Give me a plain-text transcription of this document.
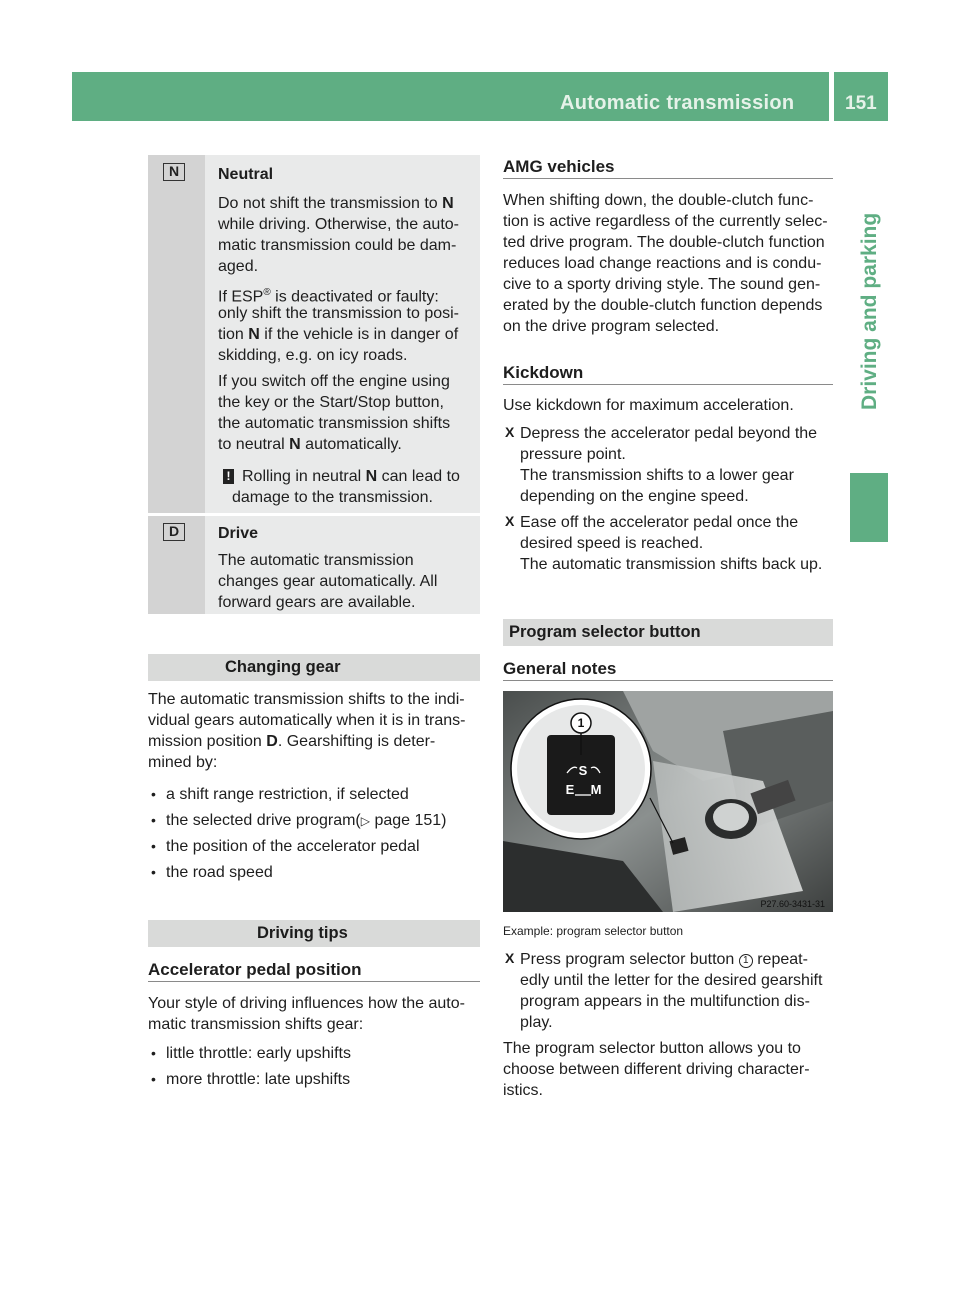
Automatic transmission	151
Driving and parking
N	Neutral
Do not shift the transmission to N
while driving. Otherwise, the auto-
matic transmission could be dam-
aged.
If ESP® is deactivated or faulty:
only shift the transmission to posi-
tion N if the vehicle is in danger of
skidding, e.g. on icy roads.
If you switch off the engine using
the key or the Start/Stop button,
the automatic transmission shifts
to neutral N automatically.
! Rolling in neutral N can lead to
damage to the transmission.
D	Drive
The automatic transmission
changes gear automatically. All
forward gears are available.
Changing gear
The automatic transmission shifts to the indi-
vidual gears automatically when it is in trans-
mission position D. Gearshifting is deter-
mined by:
• a shift range restriction, if selected
• the selected drive program(▷ page 151)
• the position of the accelerator pedal
• the road speed
Driving tips
Accelerator pedal position
Your style of driving influences how the auto-
matic transmission shifts gear:
• little throttle: early upshifts
• more throttle: late upshifts
AMG vehicles
When shifting down, the double-clutch func-
tion is active regardless of the currently selec-
ted drive program. The double-clutch function
reduces load change reactions and is condu-
cive to a sporty driving style. The sound gen-
erated by the double-clutch function depends
on the drive program selected.
Kickdown
Use kickdown for maximum acceleration.
X Depress the accelerator pedal beyond the
pressure point.
The transmission shifts to a lower gear
depending on the engine speed.
X Ease off the accelerator pedal once the
desired speed is reached.
The automatic transmission shifts back up.
Program selector button
General notes
1
S
E M
P27.60-3431-31
Example: program selector button
X Press program selector button 1 repeat-
edly until the letter for the desired gearshift
program appears in the multifunction dis-
play.
The program selector button allows you to
choose between different driving character-
istics.
